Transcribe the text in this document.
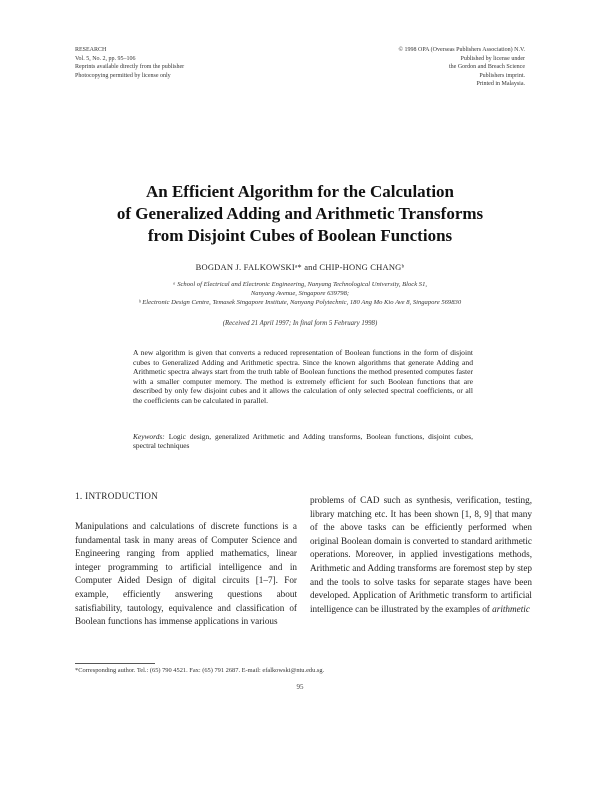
RESEARCH
Vol. 5, No. 2, pp. 95–106
Reprints available directly from the publisher
Photocopying permitted by license only
© 1998 OPA (Overseas Publishers Association) N.V.
Published by license under
the Gordon and Breach Science
Publishers imprint.
Printed in Malaysia.
An Efficient Algorithm for the Calculation
of Generalized Adding and Arithmetic Transforms
from Disjoint Cubes of Boolean Functions
BOGDAN J. FALKOWSKIᵃ* and CHIP-HONG CHANGᵇ
ᵃ School of Electrical and Electronic Engineering, Nanyang Technological University, Block S1,
Nanyang Avenue, Singapore 639798;
ᵇ Electronic Design Centre, Temasek Singapore Institute, Nanyang Polytechnic, 180 Ang Mo Kio Ave 8, Singapore 569830
(Received 21 April 1997; In final form 5 February 1998)
A new algorithm is given that converts a reduced representation of Boolean functions in the form of disjoint cubes to Generalized Adding and Arithmetic spectra. Since the known algorithms that generate Adding and Arithmetic spectra always start from the truth table of Boolean functions the method presented computes faster with a smaller computer memory. The method is extremely efficient for such Boolean functions that are described by only few disjoint cubes and it allows the calculation of only selected spectral coefficients, or all the coefficients can be calculated in parallel.
Keywords: Logic design, generalized Arithmetic and Adding transforms, Boolean functions, disjoint cubes, spectral techniques
1. INTRODUCTION
Manipulations and calculations of discrete functions is a fundamental task in many areas of Computer Science and Engineering ranging from applied mathematics, linear integer programming to artificial intelligence and in Computer Aided Design of digital circuits [1–7]. For example, efficiently answering questions about satisfiability, tautology, equivalence and classification of Boolean functions has immense applications in various
problems of CAD such as synthesis, verification, testing, library matching etc. It has been shown [1, 8, 9] that many of the above tasks can be efficiently performed when original Boolean domain is converted to standard arithmetic operations. Moreover, in applied investigations methods, Arithmetic and Adding transforms are foremost step by step and the tools to solve tasks for separate stages have been developed. Application of Arithmetic transform to artificial intelligence can be illustrated by the examples of arithmetic
*Corresponding author. Tel.: (65) 790 4521. Fax: (65) 791 2687. E-mail: efalkowski@ntu.edu.sg.
95
